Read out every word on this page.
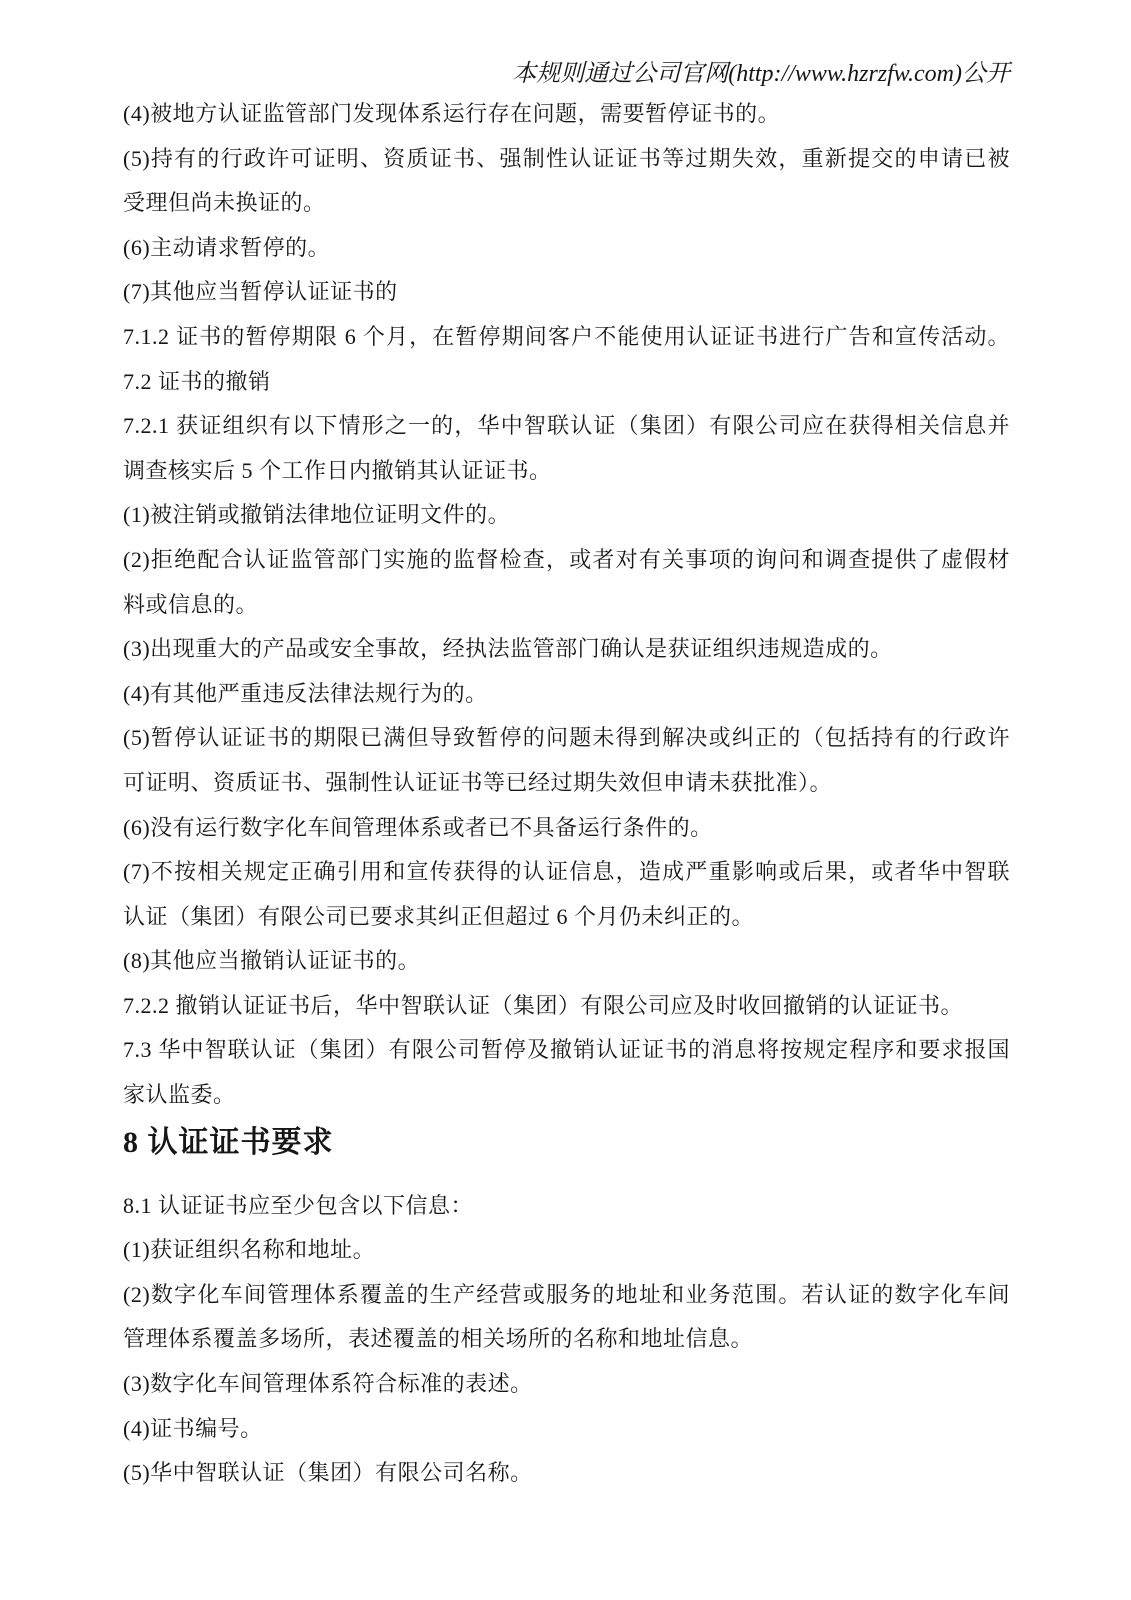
本规则通过公司官网(http://www.hzrzfw.com)公开
(4)被地方认证监管部门发现体系运行存在问题，需要暂停证书的。
(5)持有的行政许可证明、资质证书、强制性认证证书等过期失效，重新提交的申请已被
受理但尚未换证的。
(6)主动请求暂停的。
(7)其他应当暂停认证证书的
7.1.2 证书的暂停期限 6 个月，在暂停期间客户不能使用认证证书进行广告和宣传活动。
7.2 证书的撤销
7.2.1 获证组织有以下情形之一的，华中智联认证（集团）有限公司应在获得相关信息并
调查核实后 5 个工作日内撤销其认证证书。
(1)被注销或撤销法律地位证明文件的。
(2)拒绝配合认证监管部门实施的监督检查，或者对有关事项的询问和调查提供了虚假材
料或信息的。
(3)出现重大的产品或安全事故，经执法监管部门确认是获证组织违规造成的。
(4)有其他严重违反法律法规行为的。
(5)暂停认证证书的期限已满但导致暂停的问题未得到解决或纠正的（包括持有的行政许
可证明、资质证书、强制性认证证书等已经过期失效但申请未获批准）。
(6)没有运行数字化车间管理体系或者已不具备运行条件的。
(7)不按相关规定正确引用和宣传获得的认证信息，造成严重影响或后果，或者华中智联
认证（集团）有限公司已要求其纠正但超过 6 个月仍未纠正的。
(8)其他应当撤销认证证书的。
7.2.2 撤销认证证书后，华中智联认证（集团）有限公司应及时收回撤销的认证证书。
7.3 华中智联认证（集团）有限公司暂停及撤销认证证书的消息将按规定程序和要求报国
家认监委。
8 认证证书要求
8.1 认证证书应至少包含以下信息：
(1)获证组织名称和地址。
(2)数字化车间管理体系覆盖的生产经营或服务的地址和业务范围。若认证的数字化车间
管理体系覆盖多场所，表述覆盖的相关场所的名称和地址信息。
(3)数字化车间管理体系符合标准的表述。
(4)证书编号。
(5)华中智联认证（集团）有限公司名称。
